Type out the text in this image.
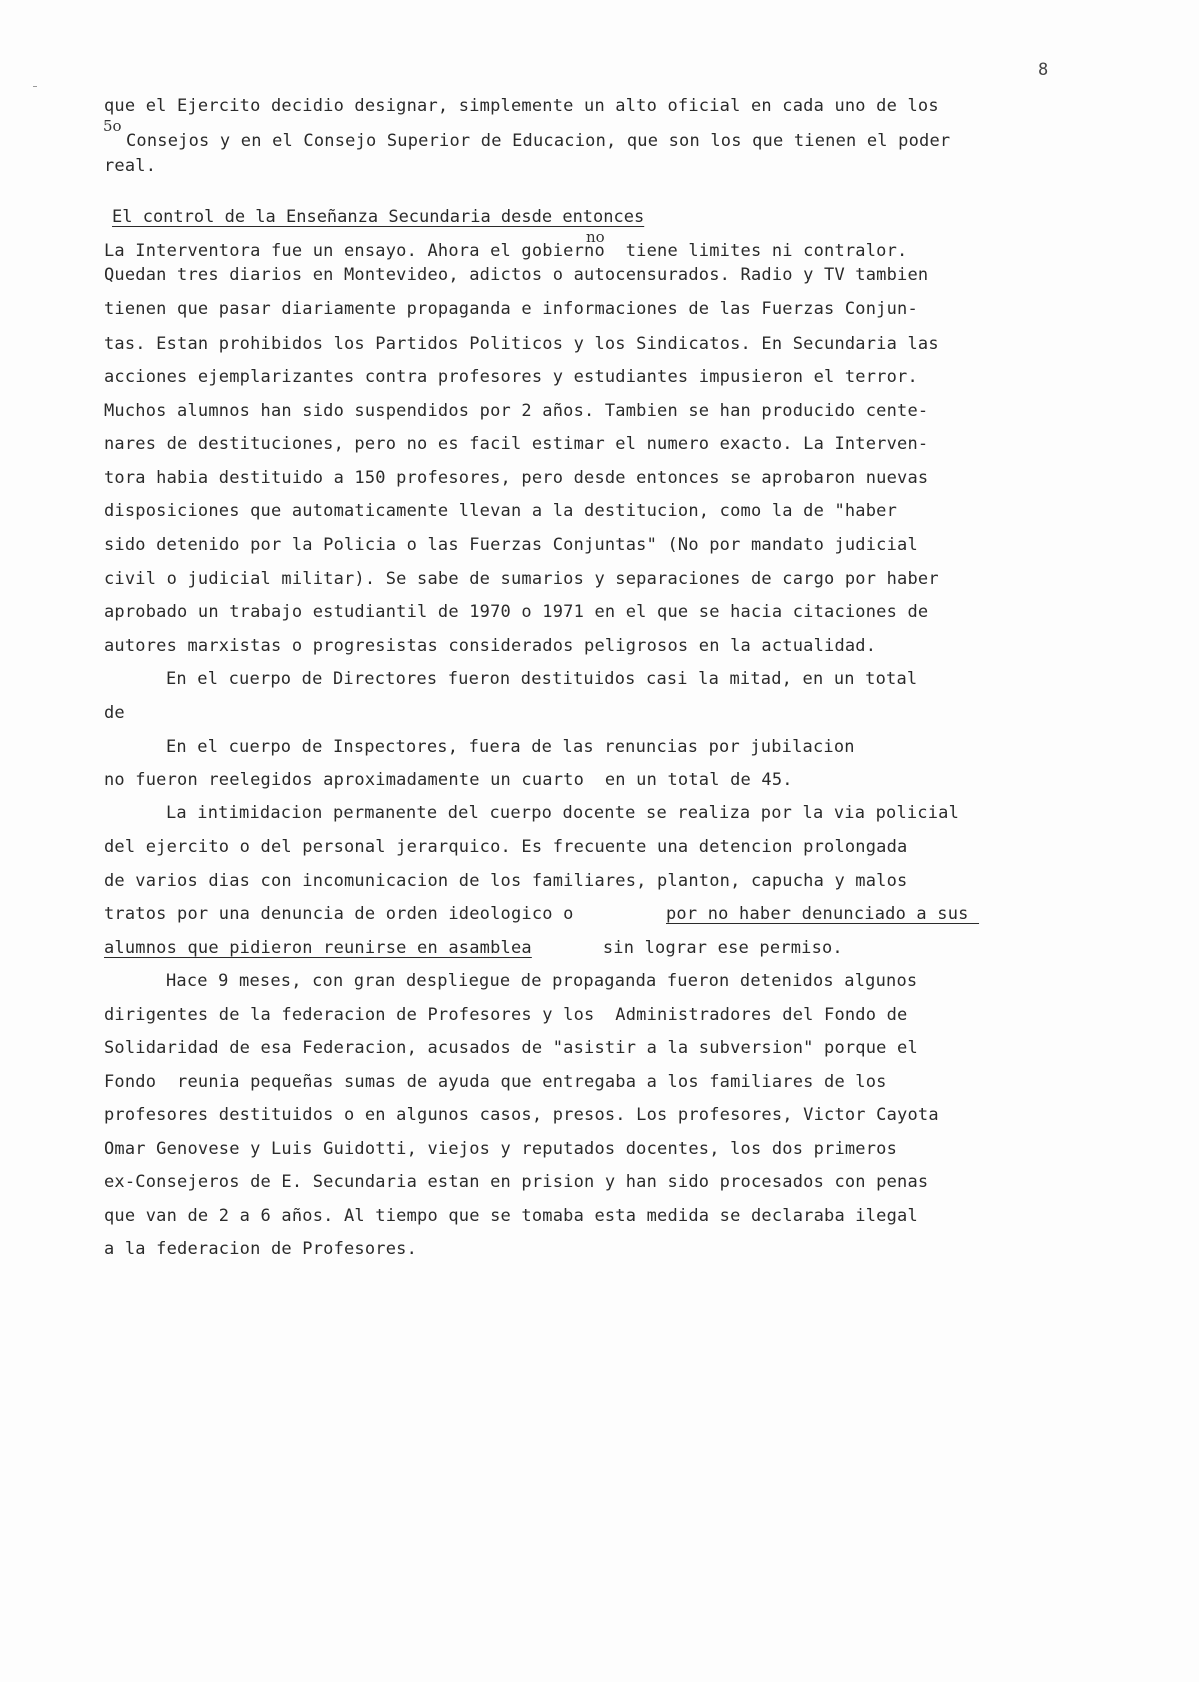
8
que el Ejercito decidio designar, simplemente un alto oficial en cada uno de los
5o
Consejos y en el Consejo Superior de Educacion, que son los que tienen el poder
real.
El control de la Enseñanza Secundaria desde entonces
La Interventora fue un ensayo. Ahora el gobierno  tiene limites ni contralor.
no
Quedan tres diarios en Montevideo, adictos o autocensurados. Radio y TV tambien
tienen que pasar diariamente propaganda e informaciones de las Fuerzas Conjun-
tas. Estan prohibidos los Partidos Politicos y los Sindicatos. En Secundaria las
acciones ejemplarizantes contra profesores y estudiantes impusieron el terror.
Muchos alumnos han sido suspendidos por 2 años. Tambien se han producido cente-
nares de destituciones, pero no es facil estimar el numero exacto. La Interven-
tora habia destituido a 150 profesores, pero desde entonces se aprobaron nuevas
disposiciones que automaticamente llevan a la destitucion, como la de "haber
sido detenido por la Policia o las Fuerzas Conjuntas" (No por mandato judicial
civil o judicial militar). Se sabe de sumarios y separaciones de cargo por haber
aprobado un trabajo estudiantil de 1970 o 1971 en el que se hacia citaciones de
autores marxistas o progresistas considerados peligrosos en la actualidad.
En el cuerpo de Directores fueron destituidos casi la mitad, en un total
de
En el cuerpo de Inspectores, fuera de las renuncias por jubilacion
no fueron reelegidos aproximadamente un cuarto  en un total de 45.
La intimidacion permanente del cuerpo docente se realiza por la via policial
del ejercito o del personal jerarquico. Es frecuente una detencion prolongada
de varios dias con incomunicacion de los familiares, planton, capucha y malos
tratos por una denuncia de orden ideologico o	por no haber denunciado a sus
alumnos que pidieron reunirse en asamblea	sin lograr ese permiso.
Hace 9 meses, con gran despliegue de propaganda fueron detenidos algunos
dirigentes de la federacion de Profesores y los  Administradores del Fondo de
Solidaridad de esa Federacion, acusados de "asistir a la subversion" porque el
Fondo  reunia pequeñas sumas de ayuda que entregaba a los familiares de los
profesores destituidos o en algunos casos, presos. Los profesores, Victor Cayota
Omar Genovese y Luis Guidotti, viejos y reputados docentes, los dos primeros
ex-Consejeros de E. Secundaria estan en prision y han sido procesados con penas
que van de 2 a 6 años. Al tiempo que se tomaba esta medida se declaraba ilegal
a la federacion de Profesores.
